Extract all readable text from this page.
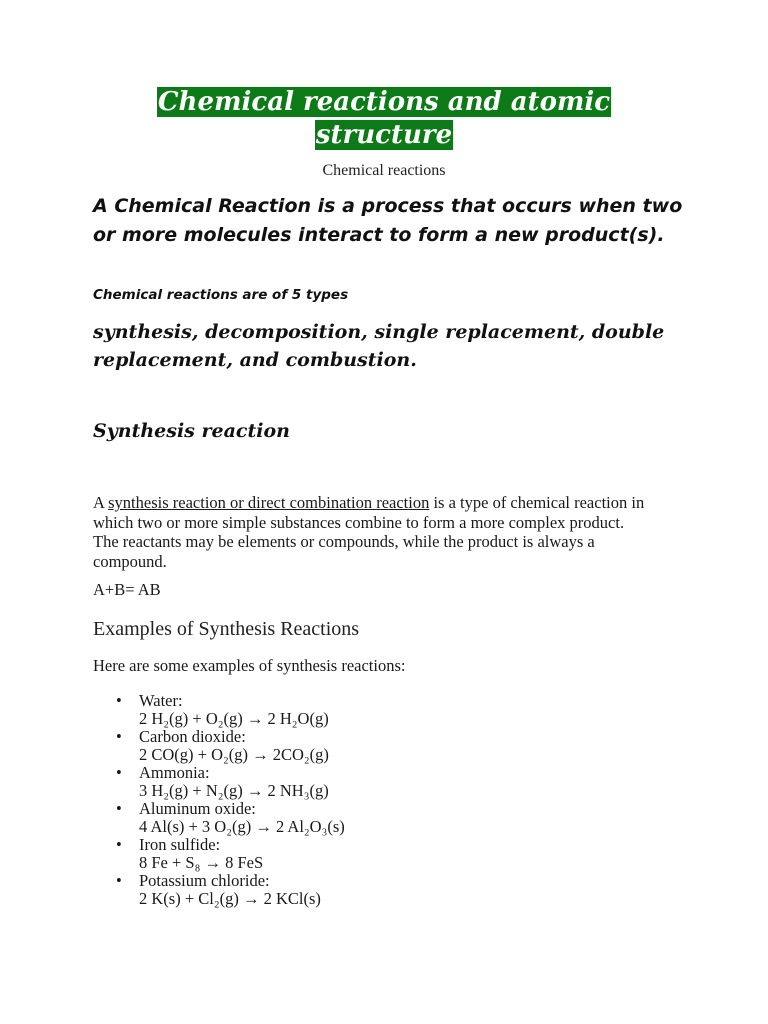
Chemical reactions and atomic
structure
Chemical reactions
A Chemical Reaction is a process that occurs when two or more molecules interact to form a new product(s).
Chemical reactions are of 5 types
synthesis, decomposition, single replacement, double replacement, and combustion.
Synthesis reaction
A synthesis reaction or direct combination reaction is a type of chemical reaction in which two or more simple substances combine to form a more complex product. The reactants may be elements or compounds, while the product is always a compound.
A+B= AB
Examples of Synthesis Reactions
Here are some examples of synthesis reactions:
•	Water:
2 H₂(g) + O₂(g) → 2 H₂O(g)
•	Carbon dioxide:
2 CO(g) + O₂(g) → 2CO₂(g)
•	Ammonia:
3 H₂(g) + N₂(g) → 2 NH₃(g)
•	Aluminum oxide:
4 Al(s) + 3 O₂(g) → 2 Al₂O₃(s)
•	Iron sulfide:
8 Fe + S₈ → 8 FeS
•	Potassium chloride:
2 K(s) + Cl₂(g) → 2 KCl(s)
